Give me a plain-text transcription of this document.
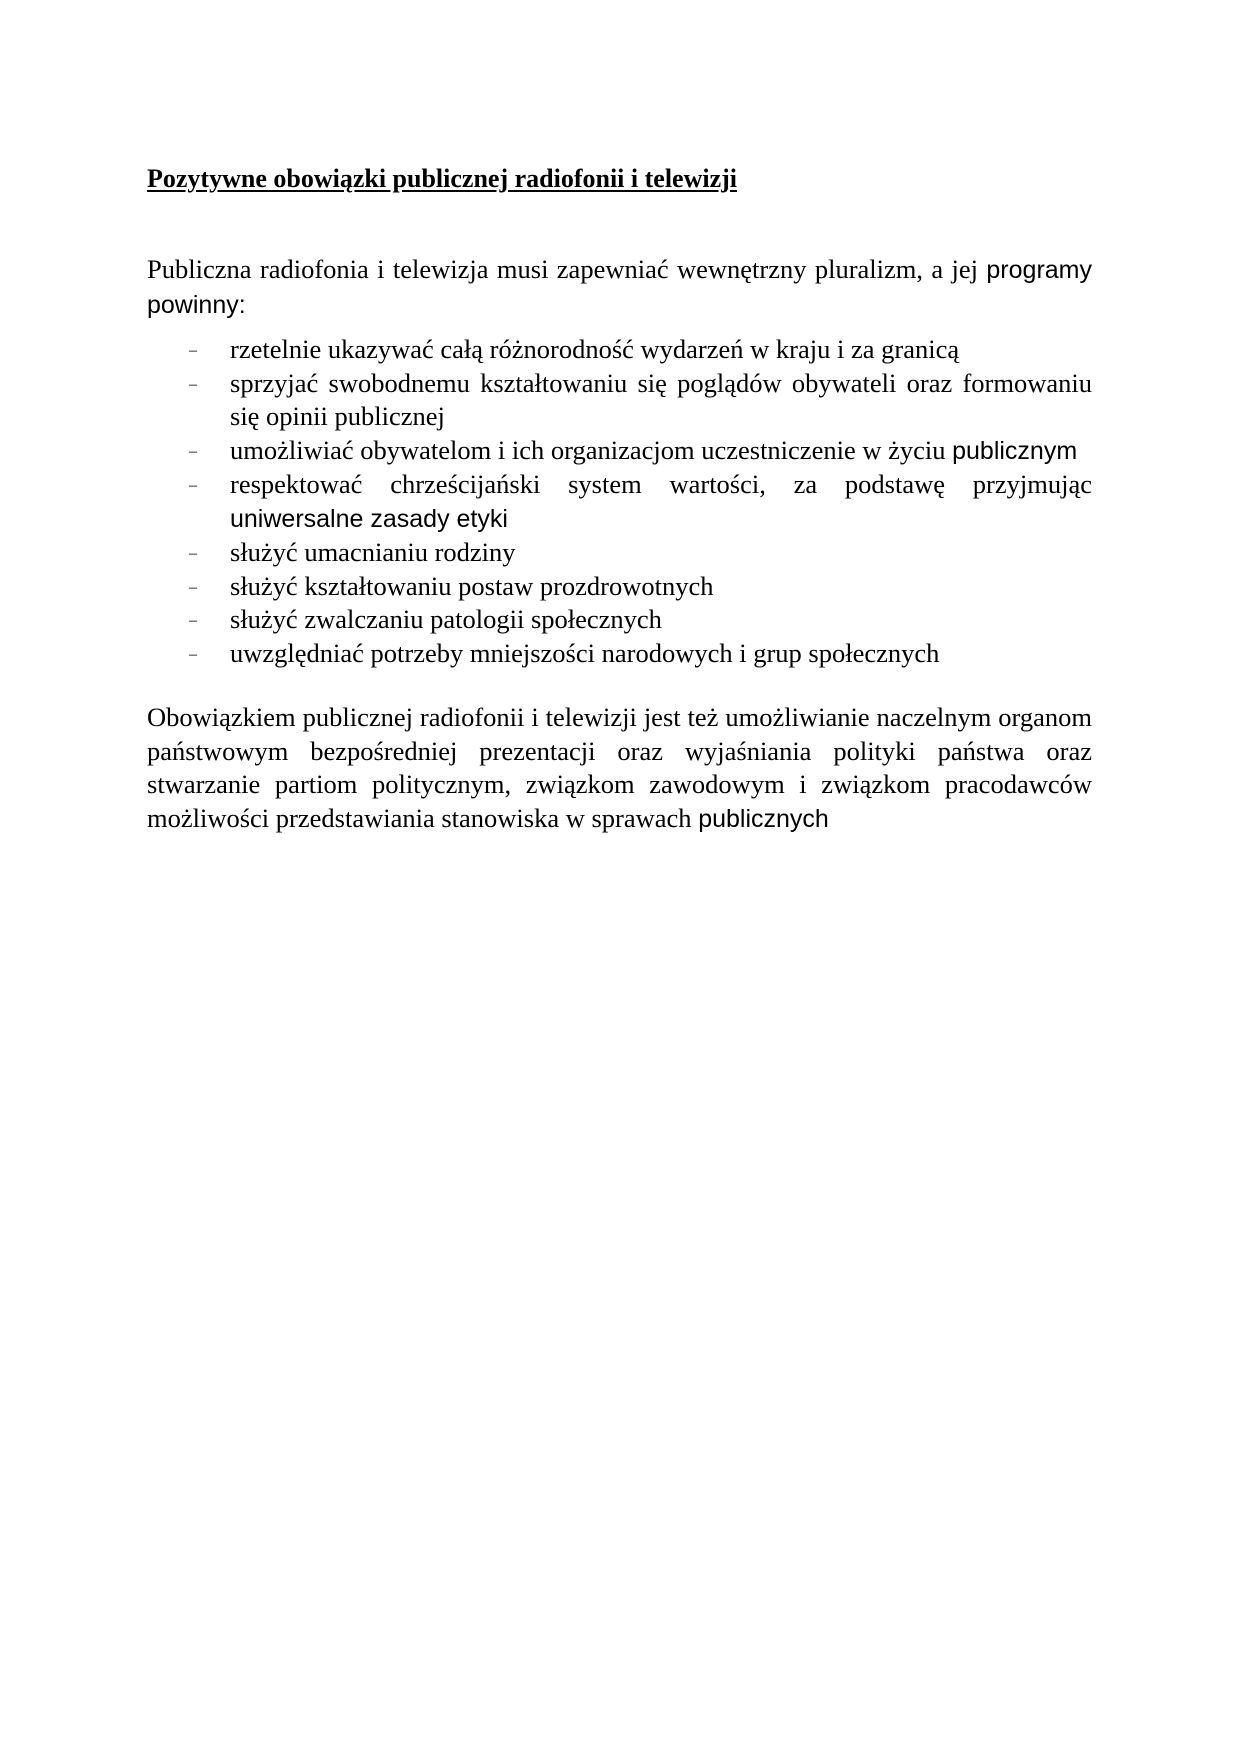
Pozytywne obowiązki publicznej radiofonii i telewizji

Publiczna radiofonia i telewizja musi zapewniać wewnętrzny pluralizm, a jej programy powinny:

– rzetelnie ukazywać całą różnorodność wydarzeń w kraju i za granicą
– sprzyjać swobodnemu kształtowaniu się poglądów obywateli oraz formowaniu się opinii publicznej
– umożliwiać obywatelom i ich organizacjom uczestniczenie w życiu publicznym
– respektować chrześcijański system wartości, za podstawę przyjmując uniwersalne zasady etyki
– służyć umacnianiu rodziny
– służyć kształtowaniu postaw prozdrowotnych
– służyć zwalczaniu patologii społecznych
– uwzględniać potrzeby mniejszości narodowych i grup społecznych

Obowiązkiem publicznej radiofonii i telewizji jest też umożliwianie naczelnym organom państwowym bezpośredniej prezentacji oraz wyjaśniania polityki państwa oraz stwarzanie partiom politycznym, związkom zawodowym i związkom pracodawców możliwości przedstawiania stanowiska w sprawach publicznych
